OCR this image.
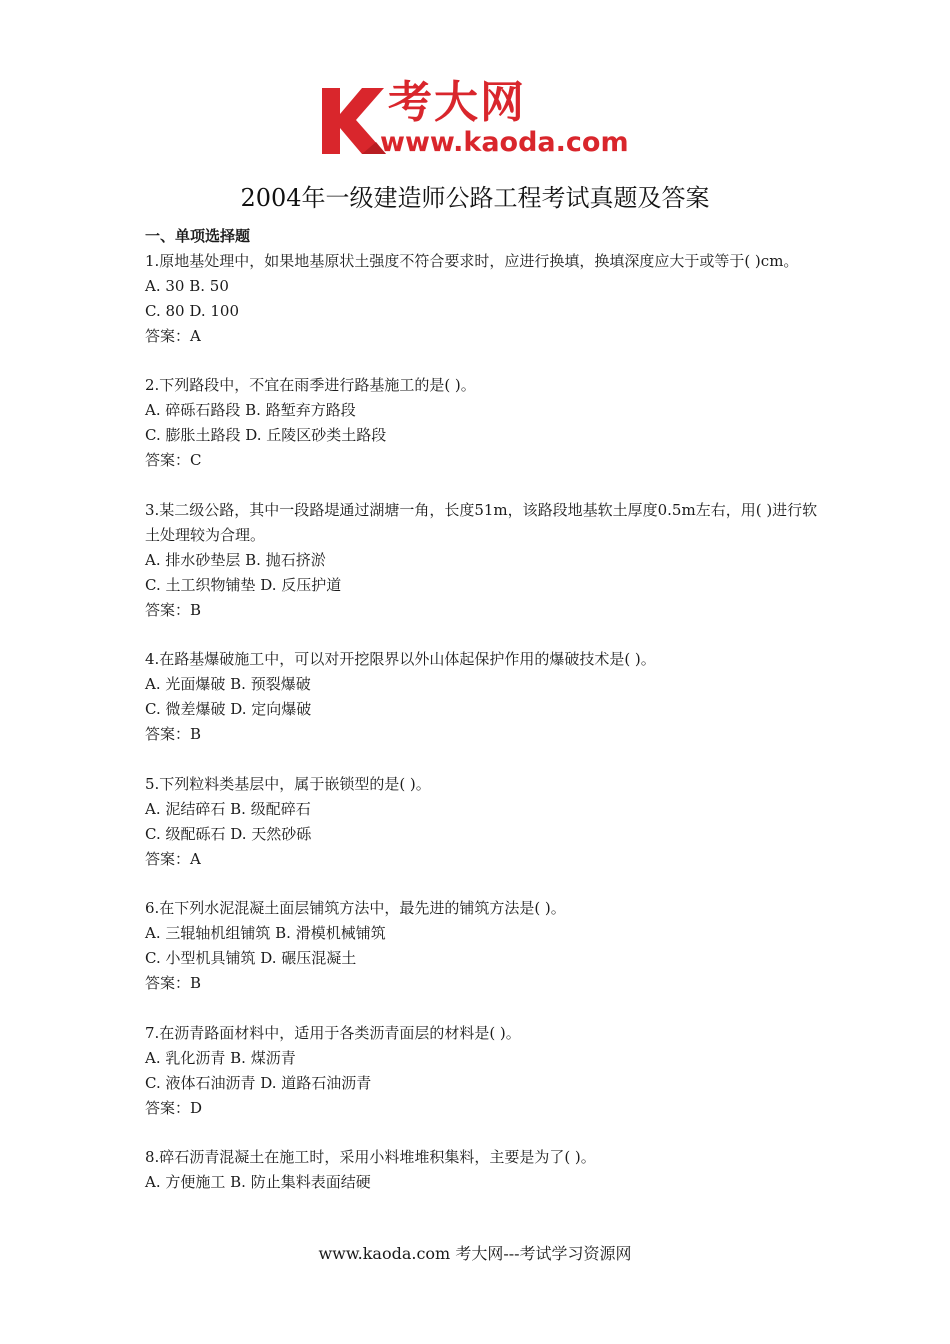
考大网
www.kaoda.com
2004年一级建造师公路工程考试真题及答案

一、单项选择题

1.原地基处理中，如果地基原状土强度不符合要求时，应进行换填，换填深度应大于或等于( )cm。

A. 30 B. 50

C. 80 D. 100

答案：A

2.下列路段中，不宜在雨季进行路基施工的是( )。

A. 碎砾石路段 B. 路堑弃方路段

C. 膨胀土路段 D. 丘陵区砂类土路段

答案：C

3.某二级公路，其中一段路堤通过湖塘一角，长度51m，该路段地基软土厚度0.5m左右，用( )进行软土处理较为合理。

A. 排水砂垫层 B. 抛石挤淤

C. 土工织物铺垫 D. 反压护道

答案：B

4.在路基爆破施工中，可以对开挖限界以外山体起保护作用的爆破技术是( )。

A. 光面爆破 B. 预裂爆破

C. 微差爆破 D. 定向爆破

答案：B

5.下列粒料类基层中，属于嵌锁型的是( )。

A. 泥结碎石 B. 级配碎石

C. 级配砾石 D. 天然砂砾

答案：A

6.在下列水泥混凝土面层铺筑方法中，最先进的铺筑方法是( )。

A. 三辊轴机组铺筑 B. 滑模机械铺筑

C. 小型机具铺筑 D. 碾压混凝土

答案：B

7.在沥青路面材料中，适用于各类沥青面层的材料是( )。

A. 乳化沥青 B. 煤沥青

C. 液体石油沥青 D. 道路石油沥青

答案：D

8.碎石沥青混凝土在施工时，采用小料堆堆积集料，主要是为了( )。

A. 方便施工 B. 防止集料表面结硬

www.kaoda.com 考大网---考试学习资源网
